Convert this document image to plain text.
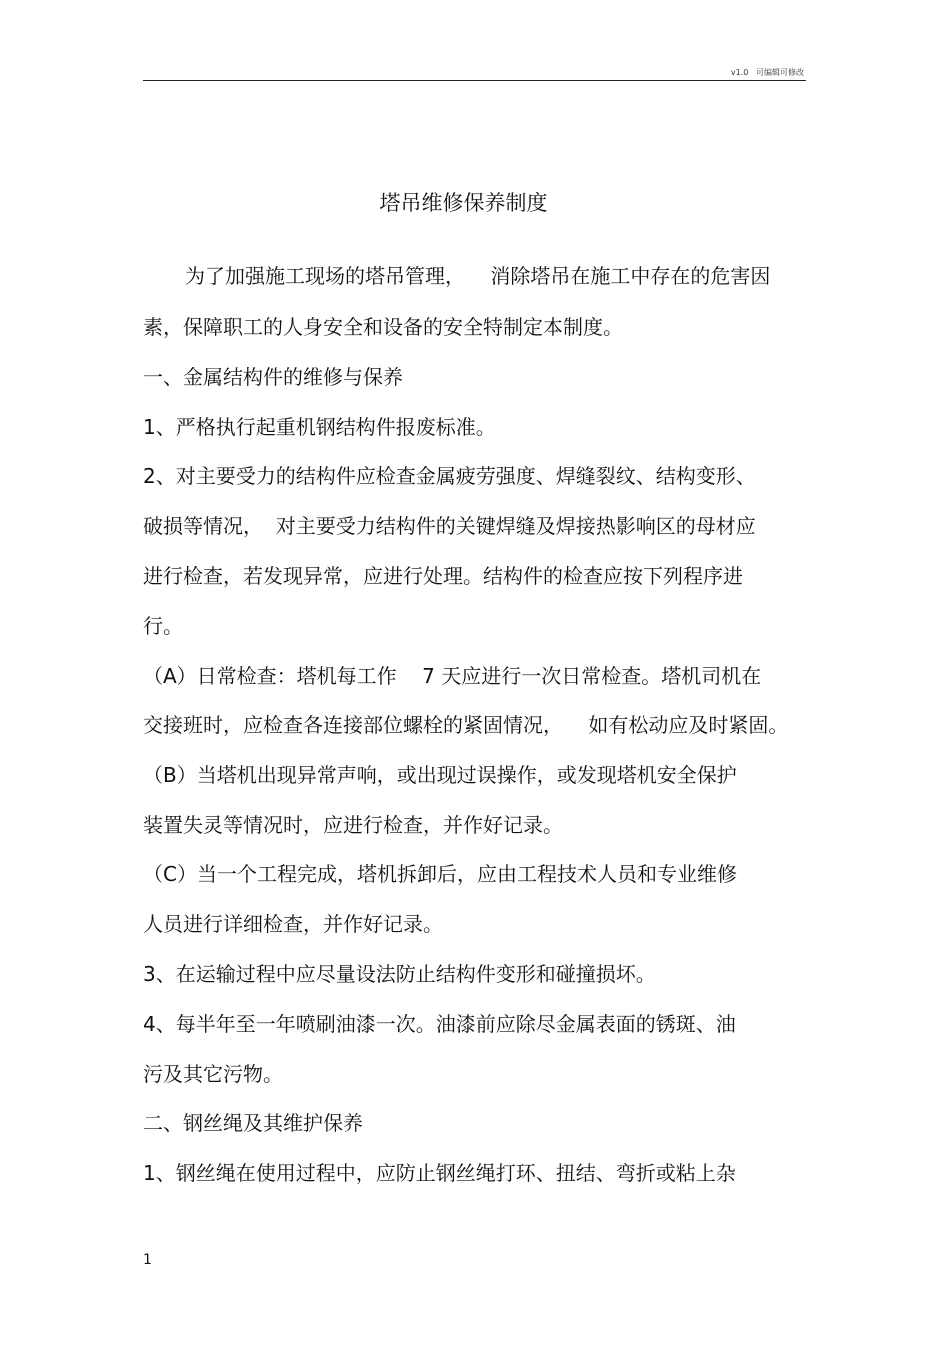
v1.0   可编辑可修改
塔吊维修保养制度
为了加强施工现场的塔吊管理，    消除塔吊在施工中存在的危害因
素，保障职工的人身安全和设备的安全特制定本制度。
一、金属结构件的维修与保养
1、严格执行起重机钢结构件报废标准。
2、对主要受力的结构件应检查金属疲劳强度、焊缝裂纹、结构变形、
破损等情况，  对主要受力结构件的关键焊缝及焊接热影响区的母材应
进行检查，若发现异常，应进行处理。结构件的检查应按下列程序进
行。
（A）日常检查：塔机每工作    7 天应进行一次日常检查。塔机司机在
交接班时，应检查各连接部位螺栓的紧固情况，    如有松动应及时紧固。
（B）当塔机出现异常声响，或出现过误操作，或发现塔机安全保护
装置失灵等情况时，应进行检查，并作好记录。
（C）当一个工程完成，塔机拆卸后，应由工程技术人员和专业维修
人员进行详细检查，并作好记录。
3、在运输过程中应尽量设法防止结构件变形和碰撞损坏。
4、每半年至一年喷刷油漆一次。油漆前应除尽金属表面的锈斑、油
污及其它污物。
二、钢丝绳及其维护保养
1、钢丝绳在使用过程中，应防止钢丝绳打环、扭结、弯折或粘上杂
1
